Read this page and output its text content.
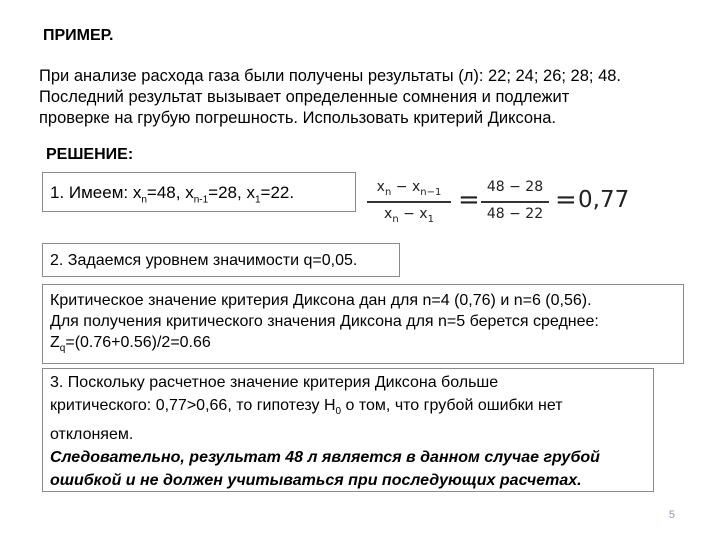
ПРИМЕР.
При анализе расхода газа были получены результаты (л): 22; 24; 26; 28; 48.
Последний результат вызывает определенные сомнения и подлежит
проверке на грубую погрешность. Использовать критерий Диксона.
РЕШЕНИЕ:
1. Имеем: $x_n=48$, $x_{n-1}=28$, $x_1=22$.	$x_n - x_{n-1}$
$x_n - x_1$
= 48 − 28
48 − 22 = 0,77
2. Задаемся уровнем значимости q=0,05.
Критическое значение критерия Диксона дан для n=4 (0,76) и n=6 (0,56).
Для получения критического значения Диксона для n=5 берется среднее:
$Z_q=(0.76+0.56)/2=0.66$
3. Поскольку расчетное значение критерия Диксона больше
критического: 0,77>0,66, то гипотезу $Н_0$ о том, что грубой ошибки нет
отклоняем.
Следовательно, результат 48 л является в данном случае грубой
ошибкой и не должен учитываться при последующих расчетах.
5
